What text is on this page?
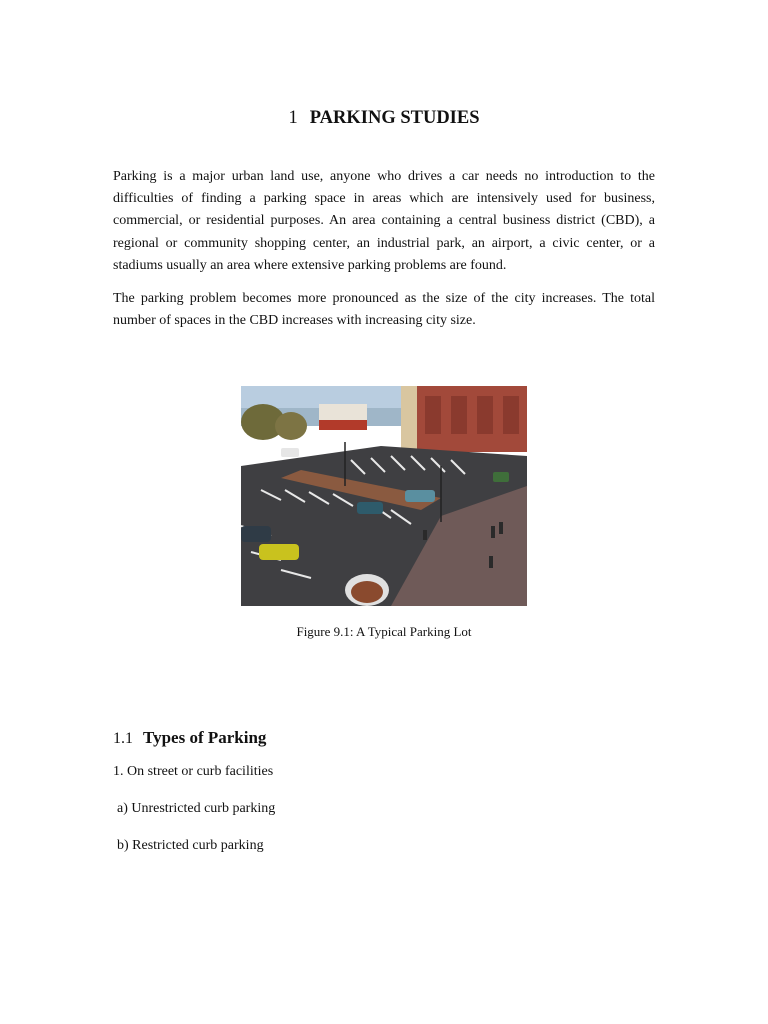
1 PARKING STUDIES

Parking is a major urban land use, anyone who drives a car needs no introduction to the difficulties of finding a parking space in areas which are intensively used for business, commercial, or residential purposes. An area containing a central business district (CBD), a regional or community shopping center, an industrial park, an airport, a civic center, or a stadiums usually an area where extensive parking problems are found.

The parking problem becomes more pronounced as the size of the city increases. The total number of spaces in the CBD increases with increasing city size.

Figure 9.1: A Typical Parking Lot

1.1 Types of Parking

1. On street or curb facilities

a) Unrestricted curb parking

b) Restricted curb parking
